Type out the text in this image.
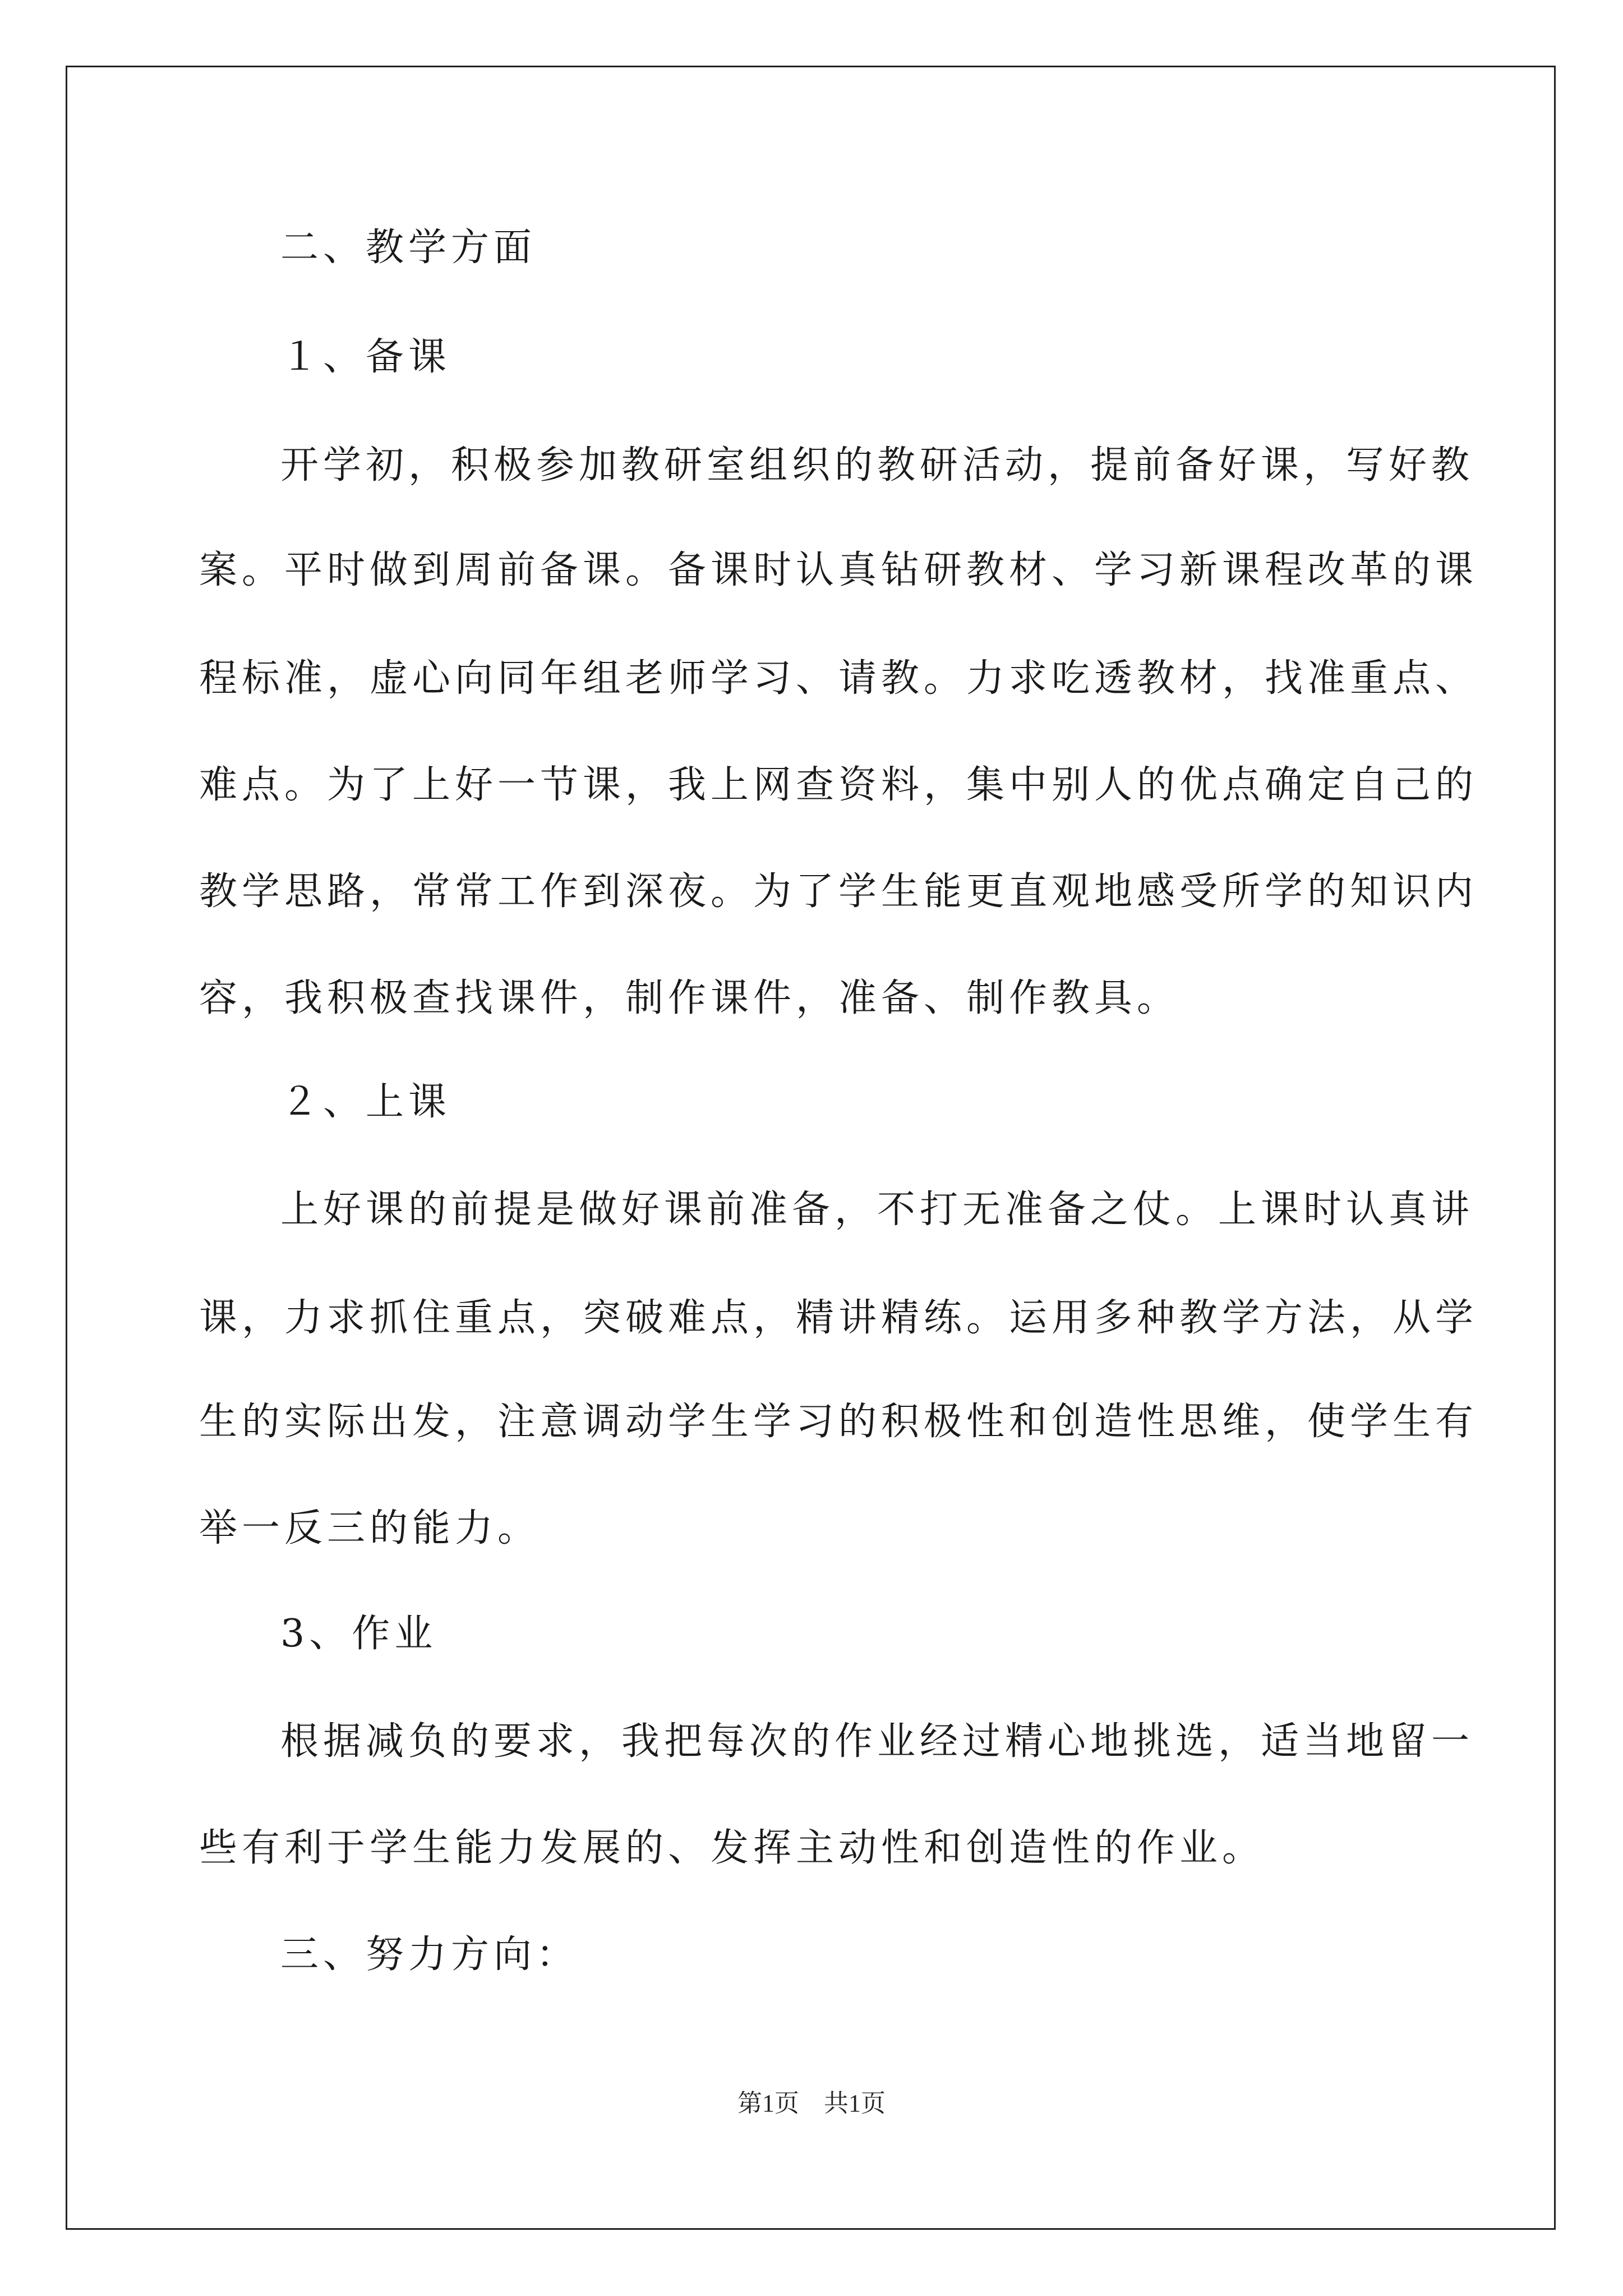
二、教学方面
１、备课
开学初，积极参加教研室组织的教研活动，提前备好课，写好教
案。平时做到周前备课。备课时认真钻研教材、学习新课程改革的课
程标准，虚心向同年组老师学习、请教。力求吃透教材，找准重点、
难点。为了上好一节课，我上网查资料，集中别人的优点确定自己的
教学思路，常常工作到深夜。为了学生能更直观地感受所学的知识内
容，我积极查找课件，制作课件，准备、制作教具。
２、上课
上好课的前提是做好课前准备，不打无准备之仗。上课时认真讲
课，力求抓住重点，突破难点，精讲精练。运用多种教学方法，从学
生的实际出发，注意调动学生学习的积极性和创造性思维，使学生有
举一反三的能力。
3、作业
根据减负的要求，我把每次的作业经过精心地挑选，适当地留一
些有利于学生能力发展的、发挥主动性和创造性的作业。
三、努力方向：
第1页　共1页
